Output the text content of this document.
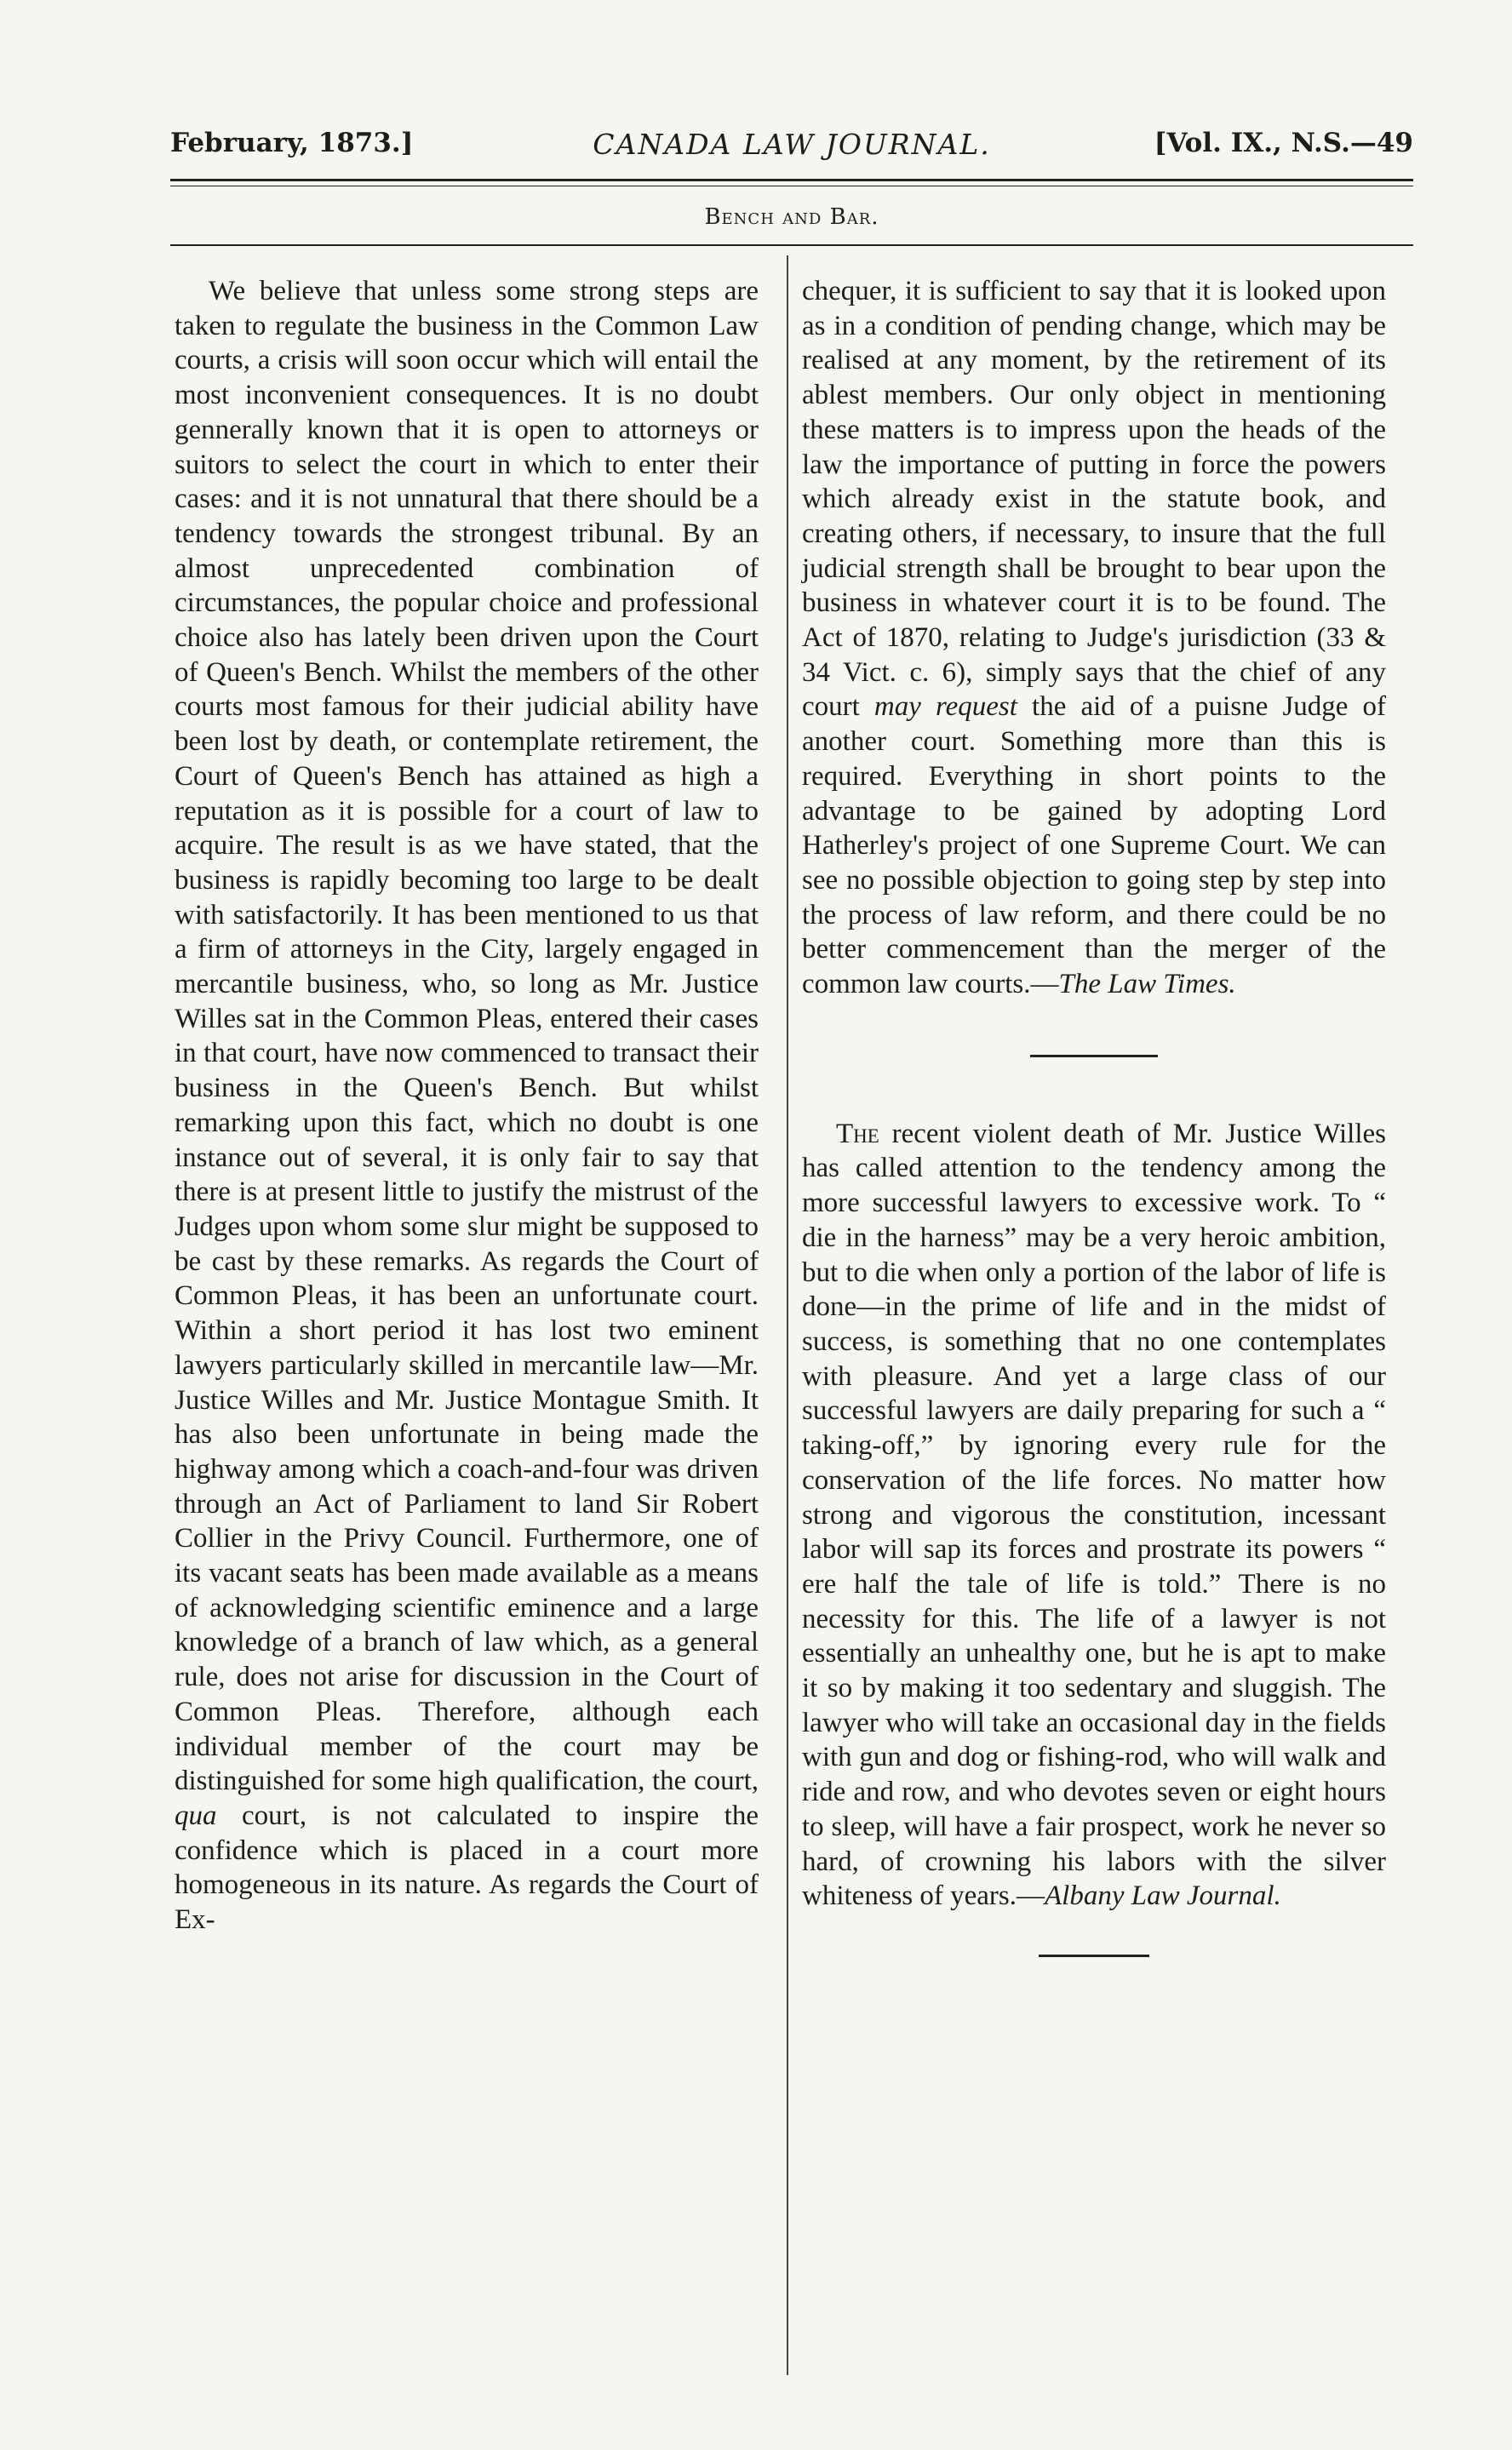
February, 1873.]	CANADA LAW JOURNAL.	[Vol. IX., N.S.—49
Bench and Bar.

We believe that unless some strong steps are taken to regulate the business in the Common Law courts, a crisis will soon occur which will entail the most inconvenient consequences. It is no doubt gennerally known that it is open to attorneys or suitors to select the court in which to enter their cases: and it is not unnatural that there should be a tendency towards the strongest tribunal. By an almost unprecedented combination of circumstances, the popular choice and professional choice also has lately been driven upon the Court of Queen's Bench. Whilst the members of the other courts most famous for their judicial ability have been lost by death, or contemplate retirement, the Court of Queen's Bench has attained as high a reputation as it is possible for a court of law to acquire. The result is as we have stated, that the business is rapidly becoming too large to be dealt with satisfactorily. It has been mentioned to us that a firm of attorneys in the City, largely engaged in mercantile business, who, so long as Mr. Justice Willes sat in the Common Pleas, entered their cases in that court, have now commenced to transact their business in the Queen's Bench. But whilst remarking upon this fact, which no doubt is one instance out of several, it is only fair to say that there is at present little to justify the mistrust of the Judges upon whom some slur might be supposed to be cast by these remarks. As regards the Court of Common Pleas, it has been an unfortunate court. Within a short period it has lost two eminent lawyers particularly skilled in mercantile law—Mr. Justice Willes and Mr. Justice Montague Smith. It has also been unfortunate in being made the highway among which a coach-and-four was driven through an Act of Parliament to land Sir Robert Collier in the Privy Council. Furthermore, one of its vacant seats has been made available as a means of acknowledging scientific eminence and a large knowledge of a branch of law which, as a general rule, does not arise for discussion in the Court of Common Pleas. Therefore, although each individual member of the court may be distinguished for some high qualification, the court, qua court, is not calculated to inspire the confidence which is placed in a court more homogeneous in its nature. As regards the Court of Ex-

chequer, it is sufficient to say that it is looked upon as in a condition of pending change, which may be realised at any moment, by the retirement of its ablest members. Our only object in mentioning these matters is to impress upon the heads of the law the importance of putting in force the powers which already exist in the statute book, and creating others, if necessary, to insure that the full judicial strength shall be brought to bear upon the business in whatever court it is to be found. The Act of 1870, relating to Judge's jurisdiction (33 & 34 Vict. c. 6), simply says that the chief of any court may request the aid of a puisne Judge of another court. Something more than this is required. Everything in short points to the advantage to be gained by adopting Lord Hatherley's project of one Supreme Court. We can see no possible objection to going step by step into the process of law reform, and there could be no better commencement than the merger of the common law courts.—The Law Times.

The recent violent death of Mr. Justice Willes has called attention to the tendency among the more successful lawyers to excessive work. To “ die in the harness” may be a very heroic ambition, but to die when only a portion of the labor of life is done—in the prime of life and in the midst of success, is something that no one contemplates with pleasure. And yet a large class of our successful lawyers are daily preparing for such a “ taking-off,” by ignoring every rule for the conservation of the life forces. No matter how strong and vigorous the constitution, incessant labor will sap its forces and prostrate its powers “ ere half the tale of life is told.” There is no necessity for this. The life of a lawyer is not essentially an unhealthy one, but he is apt to make it so by making it too sedentary and sluggish. The lawyer who will take an occasional day in the fields with gun and dog or fishing-rod, who will walk and ride and row, and who devotes seven or eight hours to sleep, will have a fair prospect, work he never so hard, of crowning his labors with the silver whiteness of years.—Albany Law Journal.
